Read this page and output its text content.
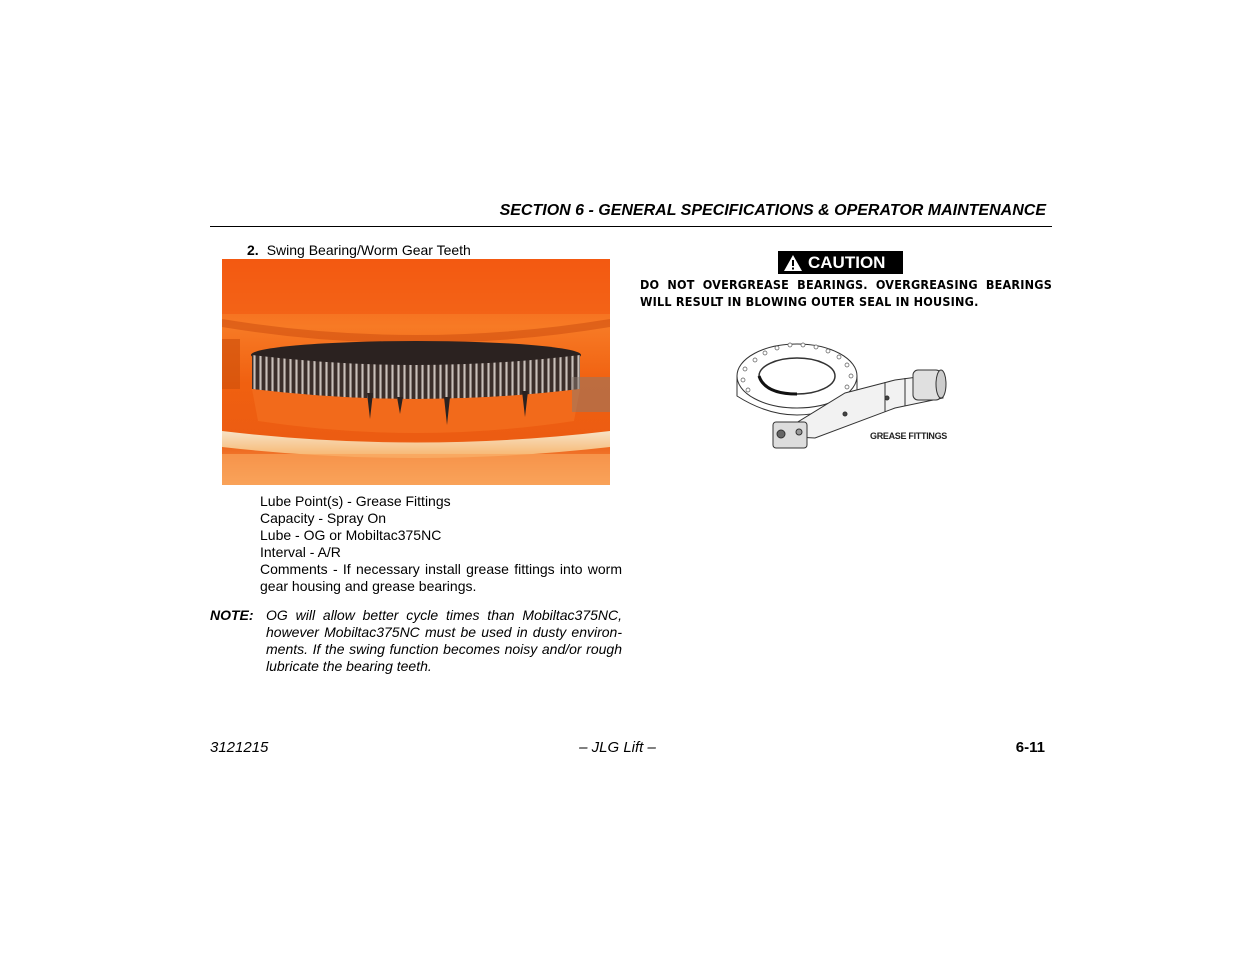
SECTION 6 - GENERAL SPECIFICATIONS & OPERATOR MAINTENANCE
2. Swing Bearing/Worm Gear Teeth
Lube Point(s) - Grease Fittings
Capacity - Spray On
Lube - OG or Mobiltac375NC
Interval - A/R
Comments - If necessary install grease fittings into worm gear housing and grease bearings.
NOTE: OG will allow better cycle times than Mobiltac375NC, however Mobiltac375NC must be used in dusty environ- ments. If the swing function becomes noisy and/or rough lubricate the bearing teeth.
CAUTION
DO NOT OVERGREASE BEARINGS. OVERGREASING BEARINGS WILL RESULT IN BLOWING OUTER SEAL IN HOUSING.
GREASE FITTINGS
3121215	– JLG Lift –	6-11
